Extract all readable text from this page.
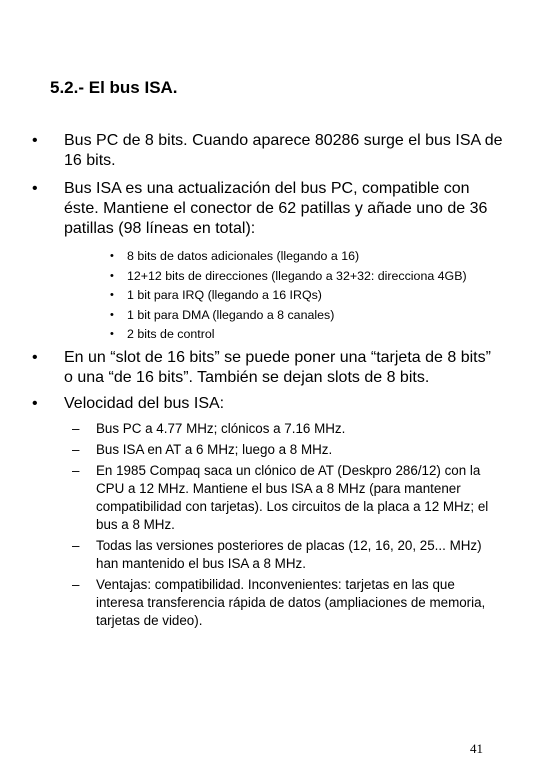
5.2.- El bus ISA.
• Bus PC de 8 bits. Cuando aparece 80286 surge el bus ISA de 16 bits.
• Bus ISA es una actualización del bus PC, compatible con éste. Mantiene el conector de 62 patillas y añade uno de 36 patillas (98 líneas en total):
• 8 bits de datos adicionales (llegando a 16)
• 12+12 bits de direcciones (llegando a 32+32: direcciona 4GB)
• 1 bit para IRQ (llegando a 16 IRQs)
• 1 bit para DMA (llegando a 8 canales)
• 2 bits de control
• En un “slot de 16 bits” se puede poner una “tarjeta de 8 bits” o una “de 16 bits”. También se dejan slots de 8 bits.
• Velocidad del bus ISA:
– Bus PC a 4.77 MHz; clónicos a 7.16 MHz.
– Bus ISA en AT a 6 MHz; luego a 8 MHz.
– En 1985 Compaq saca un clónico de AT (Deskpro 286/12) con la CPU a 12 MHz. Mantiene el bus ISA a 8 MHz (para mantener compatibilidad con tarjetas). Los circuitos de la placa a 12 MHz; el bus a 8 MHz.
– Todas las versiones posteriores de placas (12, 16, 20, 25... MHz) han mantenido el bus ISA a 8 MHz.
– Ventajas: compatibilidad. Inconvenientes: tarjetas en las que interesa transferencia rápida de datos (ampliaciones de memoria, tarjetas de video).
41
